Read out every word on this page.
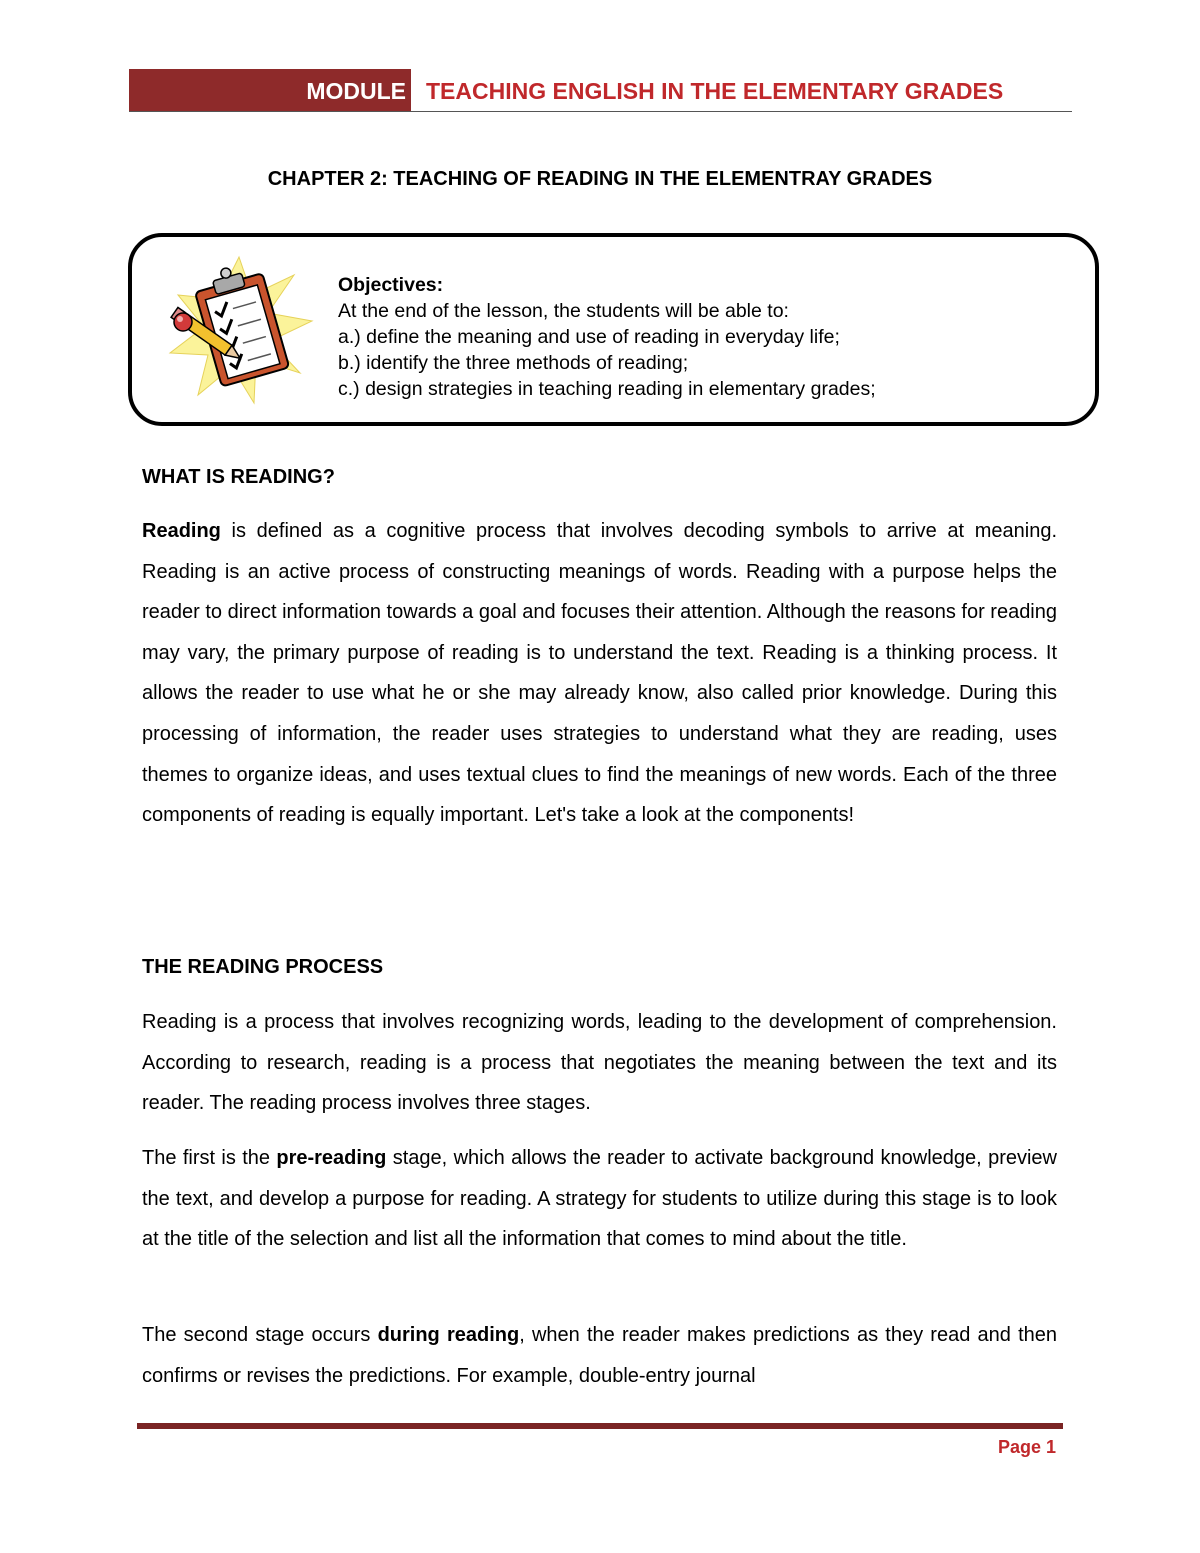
MODULE TEACHING ENGLISH IN THE ELEMENTARY GRADES
CHAPTER 2: TEACHING OF READING IN THE ELEMENTRAY GRADES
Objectives:
At the end of the lesson, the students will be able to:
a.) define the meaning and use of reading in everyday life;
b.) identify the three methods of reading;
c.) design strategies in teaching reading in elementary grades;
WHAT IS READING?

Reading is defined as a cognitive process that involves decoding symbols to arrive at meaning. Reading is an active process of constructing meanings of words. Reading with a purpose helps the reader to direct information towards a goal and focuses their attention. Although the reasons for reading may vary, the primary purpose of reading is to understand the text. Reading is a thinking process. It allows the reader to use what he or she may already know, also called prior knowledge. During this processing of information, the reader uses strategies to understand what they are reading, uses themes to organize ideas, and uses textual clues to find the meanings of new words. Each of the three components of reading is equally important. Let's take a look at the components!

THE READING PROCESS

Reading is a process that involves recognizing words, leading to the development of comprehension. According to research, reading is a process that negotiates the meaning between the text and its reader. The reading process involves three stages.

The first is the pre-reading stage, which allows the reader to activate background knowledge, preview the text, and develop a purpose for reading. A strategy for students to utilize during this stage is to look at the title of the selection and list all the information that comes to mind about the title.

The second stage occurs during reading, when the reader makes predictions as they read and then confirms or revises the predictions. For example, double-entry journal

Page 1
